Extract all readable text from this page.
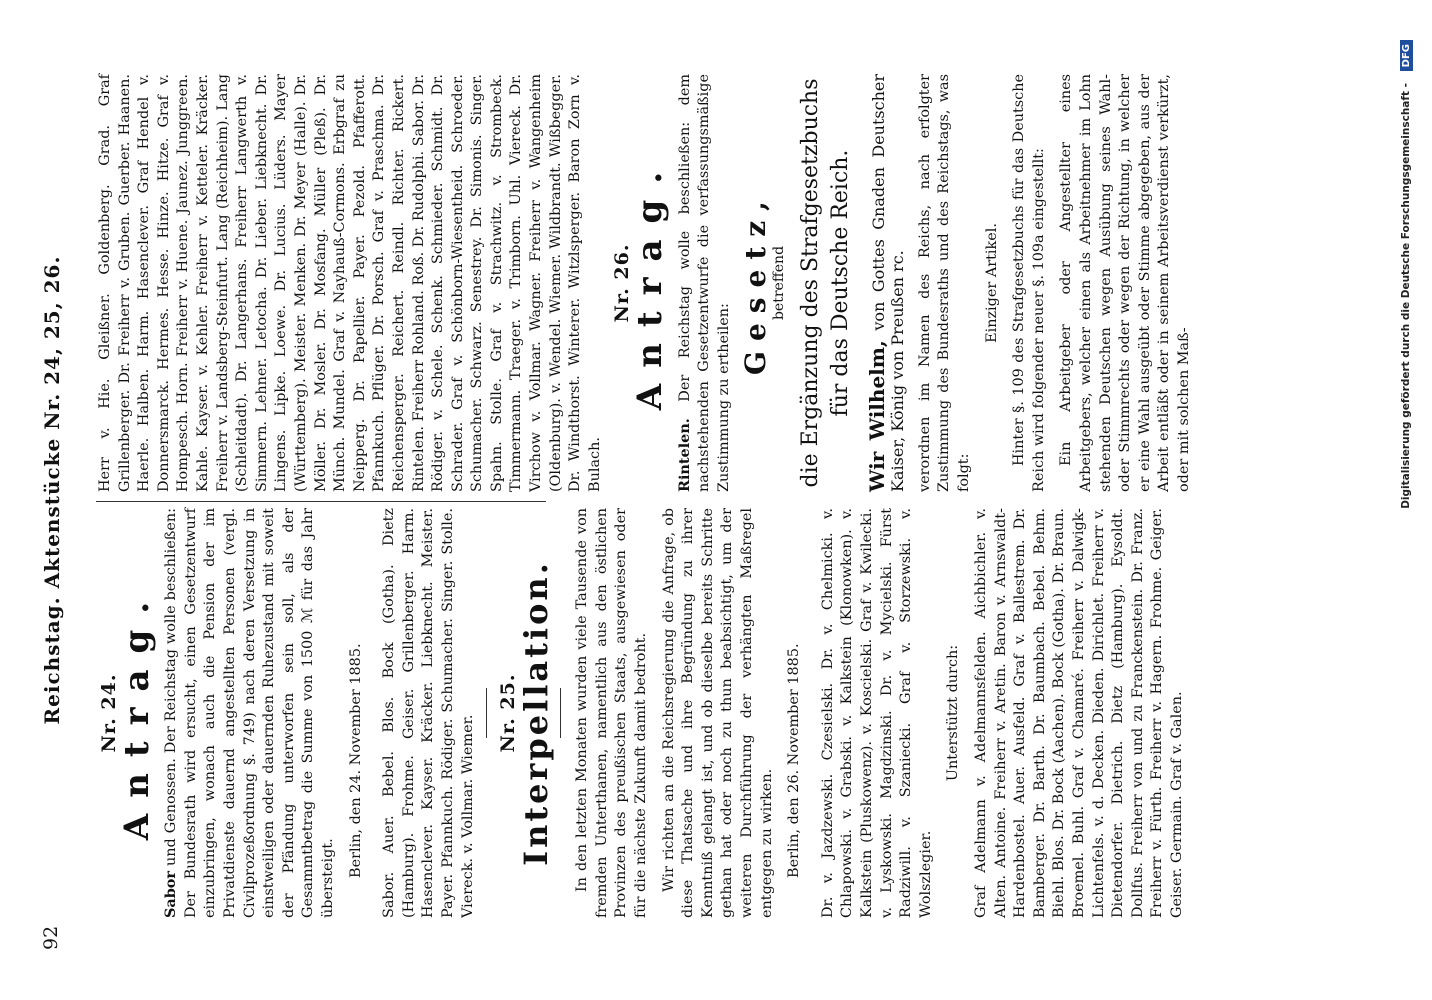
92
Reichstag. Aktenstücke Nr. 24, 25, 26. Nr. 24.
Antrag.

Sabor und Genossen. Der Reichstag wolle beschließen: Der Bundesrath wird ersucht, einen Gesetzentwurf einzubringen, wonach auch die Pension der im Privatdienste dauernd angestellten Personen (vergl. Civilprozeßordnung §. 749) nach deren Versetzung in einstweiligen oder dauernden Ruhezustand mit soweit der Pfändung unterworfen sein soll, als der Gesammtbetrag die Summe von 1500 ℳ für das Jahr übersteigt.

Berlin, den 24. November 1885. Sabor. Auer. Bebel. Blos. Bock (Gotha). Dietz (Hamburg). Frohme. Geiser. Grillenberger. Harm. Hasenclever. Kayser. Kräcker. Liebknecht. Meister. Payer. Pfannkuch. Rödiger. Schumacher. Singer. Stolle. Viereck. v. Vollmar. Wiemer.

Nr. 25.
Interpellation. In den letzten Monaten wurden viele Tausende von fremden Unterthanen, namentlich aus den östlichen Provinzen des preußischen Staats, ausgewiesen oder für die nächste Zukunft damit bedroht. Wir richten an die Reichsregierung die Anfrage, ob diese Thatsache und ihre Begründung zu ihrer Kenntniß gelangt ist, und ob dieselbe bereits Schritte gethan hat oder noch zu thun beabsichtigt, um der weiteren Durchführung der verhängten Maßregel entgegen zu wirken. Berlin, den 26. November 1885. Dr. v. Jazdzewski. Czesielski. Dr. v. Chelmicki. v. Chlapowski. v. Grabski. v. Kalkstein (Klonowken). v. Kalkstein (Pluskowenz). v. Koscielski. Graf v. Kwilecki. v. Lyskowski. Magdzinski. Dr. v. Mycielski. Fürst Radziwill. v. Szaniecki. Graf v. Storzewski. v. Wolszlegier.

Unterstützt durch: Graf Adelmann v. Adelmannsfelden. Aichbichler. v. Alten. Antoine. Freiherr v. Aretin. Baron v. Arnswaldt-Hardenbostel. Auer. Ausfeld. Graf v. Ballestrem. Dr. Bamberger. Dr. Barth. Dr. Baumbach. Bebel. Behm. Biehl. Blos. Dr. Bock (Aachen). Bock (Gotha). Dr. Braun. Broemel. Buhl. Graf v. Chamaré. Freiherr v. Dalwigk-Lichtenfels. v. d. Decken. Dieden. Dirichlet. Freiherr v. Dietendorfer. Dietrich. Dietz (Hamburg). Eysoldt. Dollfus. Freiherr von und zu Franckenstein. Dr. Franz. Freiherr v. Fürth. Freiherr v. Hagern. Frohme. Geiger. Geiser. Germain. Graf v. Galen.

Herr v. Hie. Gleißner. Goldenberg. Grad. Graf Grillenberger. Dr. Freiherr v. Gruben. Guerber. Haanen. Haerle. Halben. Harm. Hasenclever. Graf Hendel v. Donnersmarck. Hermes. Hesse. Hinze. Hitze. Graf v. Hompesch. Horn. Freiherr v. Huene. Jaunez. Junggreen. Kahle. Kayser. v. Kehler. Freiherr v. Ketteler. Kräcker. Freiherr v. Landsberg-Steinfurt. Lang (Reichheim). Lang (Schleitdadt). Dr. Langerhans. Freiherr Langwerth v. Simmern. Lehner. Letocha. Dr. Lieber. Liebknecht. Dr. Lingens. Lipke. Loewe. Dr. Lucius. Lüders. Mayer (Württemberg). Meister. Menken. Dr. Meyer (Halle). Dr. Möller. Dr. Mosler. Dr. Mosfang. Müller (Pleß). Dr. Münch. Mundel. Graf v. Nayhauß-Cormons. Erbgraf zu Neipperg. Dr. Papellier. Payer. Pezold. Pfafferott. Pfannkuch. Pflüger. Dr. Porsch. Graf v. Praschma. Dr. Reichensperger. Reichert. Reindl. Richter. Rickert. Rintelen. Freiherr Rohland. Roß. Dr. Rudolphi. Sabor. Dr. Rödiger. v. Schele. Schenk. Schmieder. Schmidt. Dr. Schrader. Graf v. Schönborn-Wiesentheid. Schroeder. Schumacher. Schwarz. Senestrey. Dr. Simonis. Singer. Spahn. Stolle. Graf v. Strachwitz. v. Strombeck. Timmermann. Traeger. v. Trimborn. Uhl. Viereck. Dr. Virchow v. Vollmar. Wagner. Freiherr v. Wangenheim (Oldenburg). v. Wendel. Wiemer. Wildbrandt. Wißbegger. Dr. Windthorst. Winterer. Witzlsperger. Baron Zorn v. Bulach.

Nr. 26.
Antrag.

Rintelen. Der Reichstag wolle beschließen: dem nachstehenden Gesetzentwurfe die verfassungsmäßige Zustimmung zu ertheilen:

Gesetz,
betreffend die Ergänzung des Strafgesetzbuchs für das Deutsche Reich. Wir Wilhelm, von Gottes Gnaden Deutscher Kaiser, König von Preußen rc. verordnen im Namen des Reichs, nach erfolgter Zustimmung des Bundesraths und des Reichstags, was folgt:

Einziger Artikel. Hinter §. 109 des Strafgesetzbuchs für das Deutsche Reich wird folgender neuer §. 109a eingestellt: Ein Arbeitgeber oder Angestellter eines Arbeitgebers, welcher einen als Arbeitnehmer im Lohn stehenden Deutschen wegen Ausübung seines Wahl- oder Stimmrechts oder wegen der Richtung, in welcher er eine Wahl ausgeübt oder Stimme abgegeben, aus der Arbeit entläßt oder in seinem Arbeitsverdienst verkürzt, oder mit solchen Maß-	Digitalisierung gefördert durch die Deutsche Forschungsgemeinschaft - DFG
